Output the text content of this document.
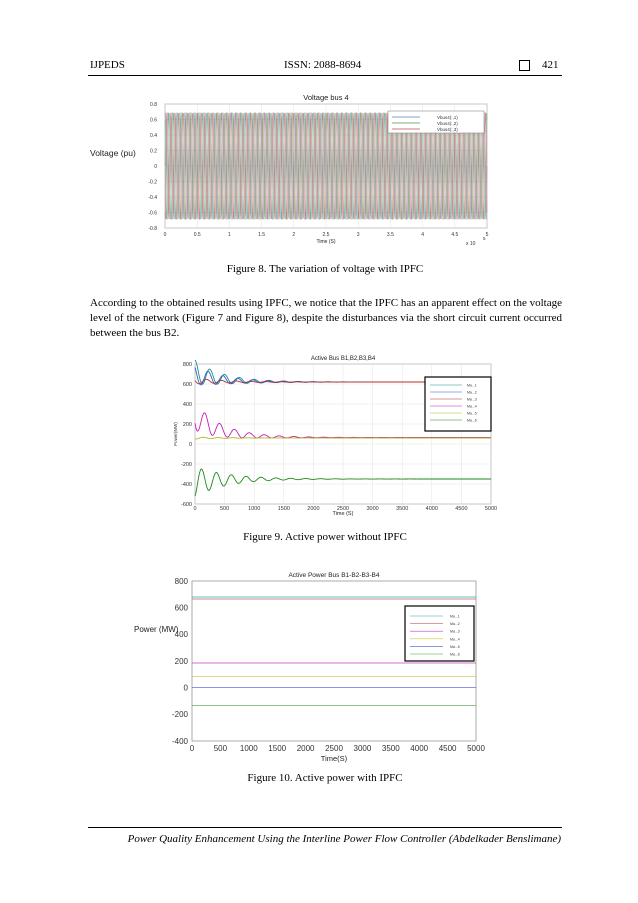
IJPEDS	ISSN: 2088-8694	421
0	0.5	1	1.5	2	2.5	3	3.5	4	4.5	5
0.8
0.6
0.4
0.2
0
-0.2
-0.4
-0.6
-0.8
Voltage bus 4
Time (S)
Voltage (pu)
x 10
5
Vbus4(:,1)
Vbus4(:,2)
Vbus4(:,3)
Figure 8. The variation of voltage with IPFC
According to the obtained results using IPFC, we notice that the IPFC has an apparent effect on the voltage level of the network (Figure 7 and Figure 8), despite the disturbances via the short circuit current occurred between the bus B2.
0	500	1000	1500	2000	2500	3000	3500	4000	4500	5000
800
600
400
200
0
-200
-400
-600
Active Bus B1,B2,B3,B4
Time (S)
Power(MW)
Ma...1
Ma...2
Ma...3
Ma...4
Ma...5
Ma...6
Figure 9. Active power without IPFC
0 500 1000 1500 2000 2500 3000 3500 4000 4500 5000
800
600
400
200
0
-200
-400
Active Power Bus B1-B2-B3-B4
Time(S)
Power (MW)
Ma...1
Ma...2
Ma...3
Ma...4
Ma...5
Ma...6
Figure 10. Active power with IPFC
Power Quality Enhancement Using the Interline Power Flow Controller (Abdelkader Benslimane)
